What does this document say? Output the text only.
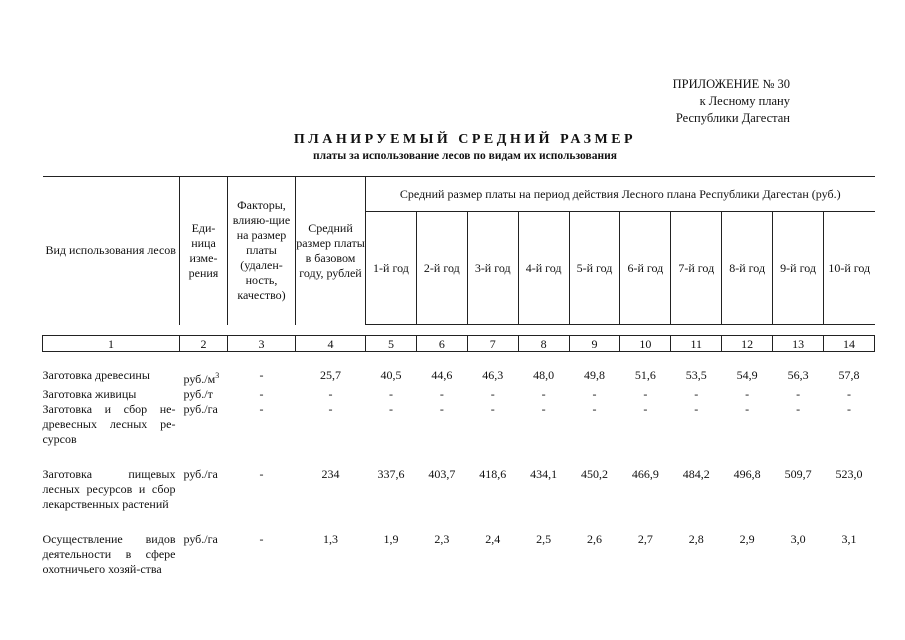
ПРИЛОЖЕНИЕ № 30
к Лесному плану
Республики Дагестан
ПЛАНИРУЕМЫЙ СРЕДНИЙ РАЗМЕР
платы за использование лесов по видам их использования
Вид использования лесов	Еди-ница изме-рения	Факторы, влияю-щие на размер платы (удален-ность, качество)	Средний размер платы в базовом году, рублей	Средний размер платы на период действия Лесного плана Республики Дагестан (руб.)									
				1-й год	2-й год	3-й год	4-й год	5-й год	6-й год	7-й год	8-й год	9-й год	10-й год

1	2	3	4	5	6	7	8	9	10	11	12	13	14

Заготовка древесины	$руб./м^3$	-	25,7	40,5	44,6	46,3	48,0	49,8	51,6	53,5	54,9	56,3	57,8
Заготовка живицы	руб./т	-	-	-	-	-	-	-	-	-	-	-	-
Заготовка и сбор не-древесных лесных ре-сурсов	руб./га	-	-	-	-	-	-	-	-	-	-	-	-
Заготовка пищевых лесных ресурсов и сбор лекарственных растений	руб./га	-	234	337,6	403,7	418,6	434,1	450,2	466,9	484,2	496,8	509,7	523,0
Осуществление видов деятельности в сфере охотничьего хозяй-ства	руб./га	-	1,3	1,9	2,3	2,4	2,5	2,6	2,7	2,8	2,9	3,0	3,1
